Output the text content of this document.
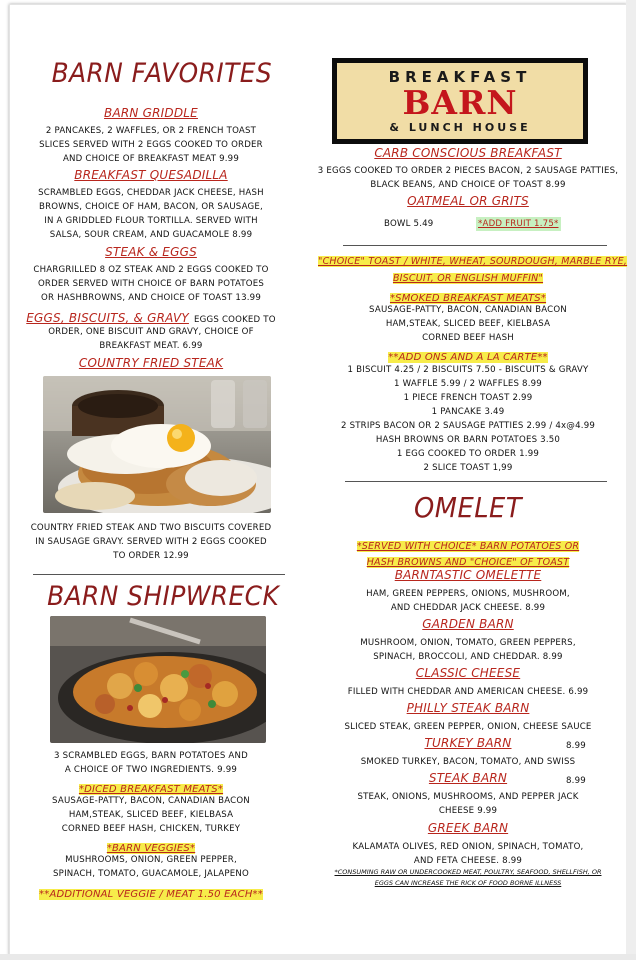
BARN FAVORITES
BARN GRIDDLE
2 PANCAKES, 2 WAFFLES, OR 2 FRENCH TOAST
SLICES SERVED WITH 2 EGGS COOKED TO ORDER
AND CHOICE OF BREAKFAST MEAT 9.99
BREAKFAST QUESADILLA
SCRAMBLED EGGS, CHEDDAR JACK CHEESE, HASH
BROWNS, CHOICE OF HAM, BACON, OR SAUSAGE,
IN A GRIDDLED FLOUR TORTILLA. SERVED WITH
SALSA, SOUR CREAM, AND GUACAMOLE 8.99
STEAK & EGGS
CHARGRILLED 8 OZ STEAK AND 2 EGGS COOKED TO
ORDER SERVED WITH CHOICE OF BARN POTATOES
OR HASHBROWNS, AND CHOICE OF TOAST 13.99
EGGS, BISCUITS, & GRAVY EGGS COOKED TO
ORDER, ONE BISCUIT AND GRAVY, CHOICE OF
BREAKFAST MEAT. 6.99
COUNTRY FRIED STEAK
COUNTRY FRIED STEAK AND TWO BISCUITS COVERED
IN SAUSAGE GRAVY. SERVED WITH 2 EGGS COOKED
TO ORDER 12.99
BARN SHIPWRECK
3 SCRAMBLED EGGS, BARN POTATOES AND
A CHOICE OF TWO INGREDIENTS. 9.99
*DICED BREAKFAST MEATS*
SAUSAGE-PATTY, BACON, CANADIAN BACON
HAM,STEAK, SLICED BEEF, KIELBASA
CORNED BEEF HASH, CHICKEN, TURKEY
*BARN VEGGIES*
MUSHROOMS, ONION, GREEN PEPPER,
SPINACH, TOMATO, GUACAMOLE, JALAPENO
**ADDITIONAL VEGGIE / MEAT 1.50 EACH**
BREAKFAST
BARN
& LUNCH HOUSE
CARB CONSCIOUS BREAKFAST
3 EGGS COOKED TO ORDER 2 PIECES BACON, 2 SAUSAGE PATTIES,
BLACK BEANS, AND CHOICE OF TOAST 8.99
OATMEAL OR GRITS
BOWL 5.49	*ADD FRUIT 1.75*
"CHOICE" TOAST / WHITE, WHEAT, SOURDOUGH, MARBLE RYE,
BISCUIT, OR ENGLISH MUFFIN"
*SMOKED BREAKFAST MEATS*
SAUSAGE-PATTY, BACON, CANADIAN BACON
HAM,STEAK, SLICED BEEF, KIELBASA
CORNED BEEF HASH
**ADD ONS AND A LA CARTE**
1 BISCUIT 4.25 / 2 BISCUITS 7.50 - BISCUITS & GRAVY
1 WAFFLE 5.99 / 2 WAFFLES 8.99
1 PIECE FRENCH TOAST 2.99
1 PANCAKE 3.49
2 STRIPS BACON OR 2 SAUSAGE PATTIES 2.99 / 4x@4.99
HASH BROWNS OR BARN POTATOES 3.50
1 EGG COOKED TO ORDER 1.99
2 SLICE TOAST 1,99
OMELET
*SERVED WITH CHOICE* BARN POTATOES OR
HASH BROWNS AND "CHOICE" OF TOAST
BARNTASTIC OMELETTE
HAM, GREEN PEPPERS, ONIONS, MUSHROOM,
AND CHEDDAR JACK CHEESE. 8.99
GARDEN BARN
MUSHROOM, ONION, TOMATO, GREEN PEPPERS,
SPINACH, BROCCOLI, AND CHEDDAR. 8.99
CLASSIC CHEESE
FILLED WITH CHEDDAR AND AMERICAN CHEESE. 6.99
PHILLY STEAK BARN
SLICED STEAK, GREEN PEPPER, ONION, CHEESE SAUCE
TURKEY BARN	8.99
SMOKED TURKEY, BACON, TOMATO, AND SWISS
STEAK BARN	8.99
STEAK, ONIONS, MUSHROOMS, AND PEPPER JACK
CHEESE 9.99
GREEK BARN
KALAMATA OLIVES, RED ONION, SPINACH, TOMATO,
AND FETA CHEESE. 8.99
*CONSUMING RAW OR UNDERCOOKED MEAT, POULTRY, SEAFOOD, SHELLFISH, OR
EGGS CAN INCREASE THE RICK OF FOOD BORNE ILLNESS
